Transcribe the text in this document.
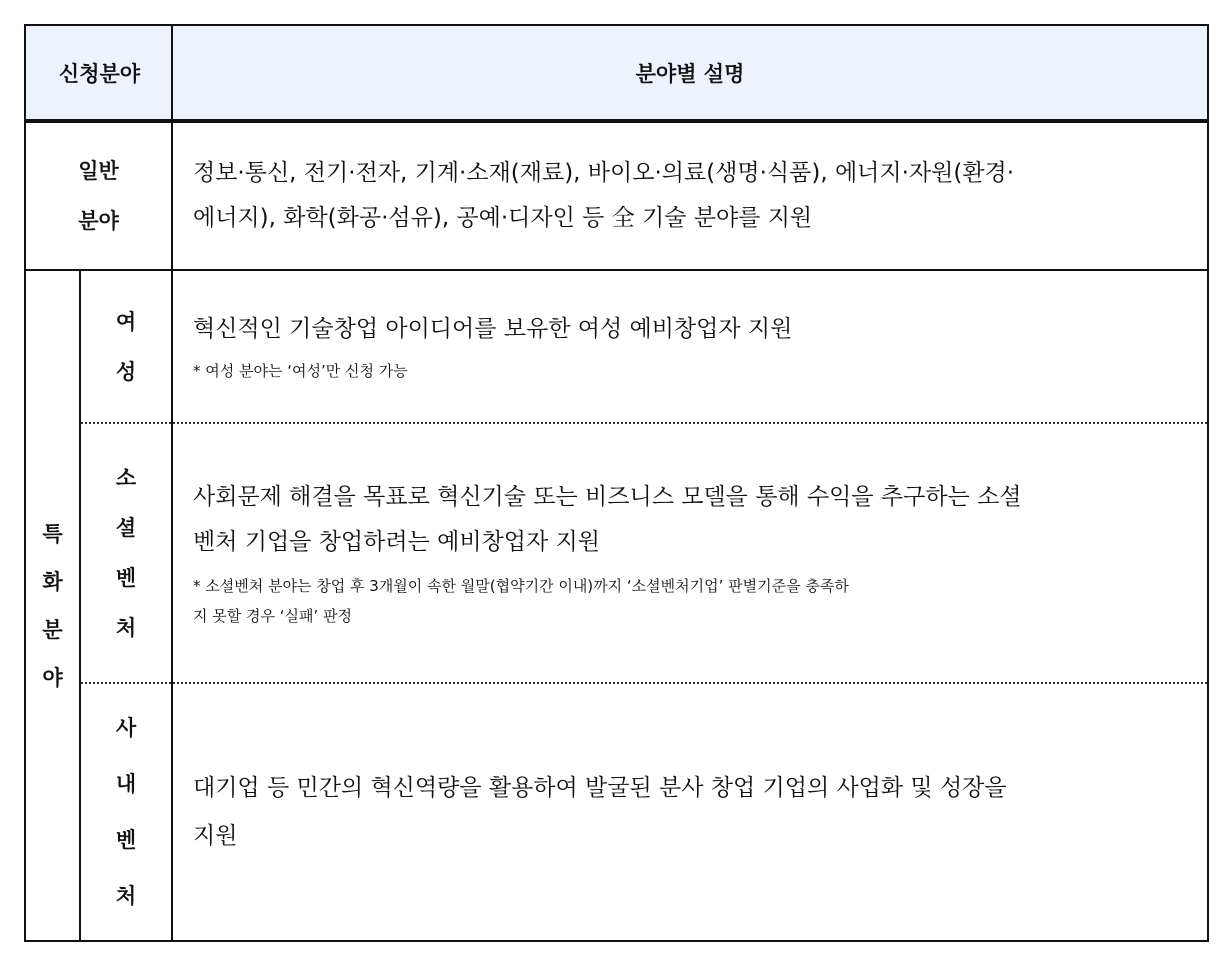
신청분야	분야별 설명
일반
분야
정보·통신, 전기·전자, 기계·소재(재료), 바이오·의료(생명·식품), 에너지·자원(환경·
에너지), 화학(화공·섬유), 공예·디자인 등 全 기술 분야를 지원
특
화
분
야
여
성
혁신적인 기술창업 아이디어를 보유한 여성 예비창업자 지원
* 여성 분야는 ‘여성’만 신청 가능
소
셜
벤
처
사회문제 해결을 목표로 혁신기술 또는 비즈니스 모델을 통해 수익을 추구하는 소셜
벤처 기업을 창업하려는 예비창업자 지원
* 소셜벤처 분야는 창업 후 3개월이 속한 월말(협약기간 이내)까지 ‘소셜벤처기업’ 판별기준을 충족하
지 못할 경우 ‘실패’ 판정
사
내
벤
처
대기업 등 민간의 혁신역량을 활용하여 발굴된 분사 창업 기업의 사업화 및 성장을
지원
